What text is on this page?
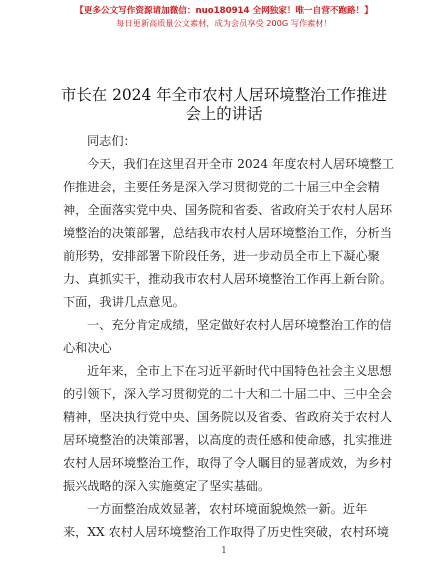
【更多公文写作资源请加微信：nuo180914 全网独家！唯一自营不跑路！】
每日更新高质量公文素材，成为会员享受 200G 写作素材！
市长在 2024 年全市农村人居环境整治工作推进
会上的讲话
同志们：
今天，我们在这里召开全市 2024 年度农村人居环境整工
作推进会，主要任务是深入学习贯彻党的二十届三中全会精
神，全面落实党中央、国务院和省委、省政府关于农村人居环
境整治的决策部署，总结我市农村人居环境整治工作，分析当
前形势，安排部署下阶段任务，进一步动员全市上下凝心聚
力、真抓实干，推动我市农村人居环境整治工作再上新台阶。
下面，我讲几点意见。
一、充分肯定成绩，坚定做好农村人居环境整治工作的信
心和决心
近年来，全市上下在习近平新时代中国特色社会主义思想
的引领下，深入学习贯彻党的二十大和二十届二中、三中全会
精神，坚决执行党中央、国务院以及省委、省政府关于农村人
居环境整治的决策部署，以高度的责任感和使命感，扎实推进
农村人居环境整治工作，取得了令人瞩目的显著成效，为乡村
振兴战略的深入实施奠定了坚实基础。
一方面整治成效显著，农村环境面貌焕然一新。近年
来，XX 农村人居环境整治工作取得了历史性突破，农村环境
1
